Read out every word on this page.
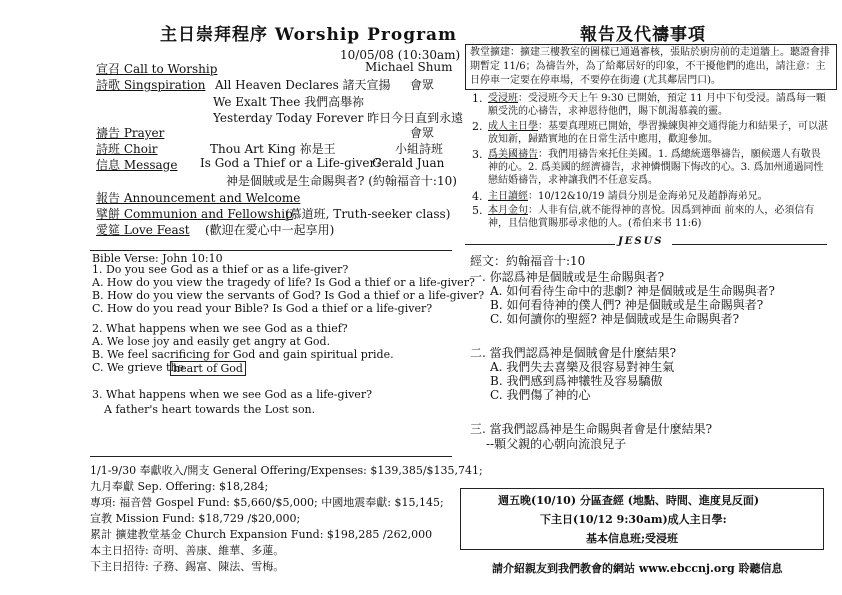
主日崇拜程序 Worship Program
10/05/08 (10:30am)
宣召 Call to Worship	Michael Shum
詩歌 Singspiration All Heaven Declares 諸天宣揚 會眾
We Exalt Thee 我們高舉祢
Yesterday Today Forever 昨日今日直到永遠
禱告 Prayer	會眾
詩班 Choir	Thou Art King 祢是王	小組詩班
信息 Message Is God a Thief or a Life-giver?
Gerald Juan
神是個賊或是生命賜與者? (約翰福音十:10)
報告 Announcement and Welcome
擘餅 Communion and Fellowship
(慕道班, Truth-seeker class)
愛筵 Love Feast (歡迎在愛心中一起享用)
Bible Verse: John 10:10
1. Do you see God as a thief or as a life-giver?
A. How do you view the tragedy of life? Is God a thief or a life-giver?
B. How do you view the servants of God? Is God a thief or a life-giver?
C. How do you read your Bible? Is God a thief or a life-giver?
2. What happens when we see God as a thief?
A. We lose joy and easily get angry at God.
B. We feel sacrificing for God and gain spiritual pride.
C. We grieve the
heart of God
3. What happens when we see God as a life-giver?
A father's heart towards the Lost son.
1/1-9/30 奉獻收入/開支 General Offering/Expenses: $139,385/$135,741;
九月奉獻 Sep. Offering: $18,284;
專項: 福音營 Gospel Fund: $5,660/$5,000; 中國地震奉獻: $15,145;
宣教 Mission Fund: $18,729 /$20,000;
累計 擴建教堂基金 Church Expansion Fund: $198,285 /262,000
本主日招待: 奇明、善康、維華、多蓮。
下主日招待: 子務、錫富、陳法、雪梅。
報告及代禱事項
教堂擴建：擴建三樓教室的圖樣已通過審核，張貼於廚房前的走道牆上。聽證會排期暫定 11/6；為禱告外，為了給鄰居好的印象，不干擾他們的進出，請注意：主日停車一定要在停車場，不要停在街邊 (尤其鄰居門口)。
1. 受浸班：受浸班今天上午 9:30 已開始，預定 11 月中下旬受浸。請爲每一顆願受洗的心禱告，求神恩待他們，賜下飢渴慕義的靈。
2. 成人主日學：基要真理班已開始，學習操練與神交通得能力和結果子，可以湛放知新，歸踏實地的在日常生活中應用，歡迎參加。
3. 爲美國禱告：我們用禱告來托住美國。1. 爲總統選舉禱告，願候選人有敬畏神的心。2. 爲美國的經濟禱告，求神憐憫賜下悔改的心。3. 爲加州通過同性戀結婚禱告，求神讓我們不任意妄爲。
4. 主日讀經：10/12&10/19 請員分別是金海弟兄及趙靜海弟兄。
5. 本月金句：人非有信,就不能得神的喜悅。因爲到神面 前來的人，必須信有神，且信他賞賜那尋求他的人。(希伯来书 11:6)
JESUS
經文：約翰福音十:10
一. 你認爲神是個賊或是生命賜與者?
A. 如何看待生命中的悲劇? 神是個賊或是生命賜與者?
B. 如何看待神的僕人們? 神是個賊或是生命賜與者?
C. 如何讀你的聖經? 神是個賊或是生命賜與者?
二. 當我們認爲神是個賊會是什麼結果?
A. 我們失去喜樂及很容易對神生氣
B. 我們感到爲神犧牲及容易驕傲
C. 我們傷了神的心
三. 當我們認爲神是生命賜與者會是什麼結果?
--顆父親的心朝向流浪兒子
週五晚(10/10) 分區查經 (地點、時間、進度見反面)
下主日(10/12 9:30am)成人主日學:
基本信息班;受浸班
請介紹親友到我們教會的網站 www.ebccnj.org 聆聽信息
